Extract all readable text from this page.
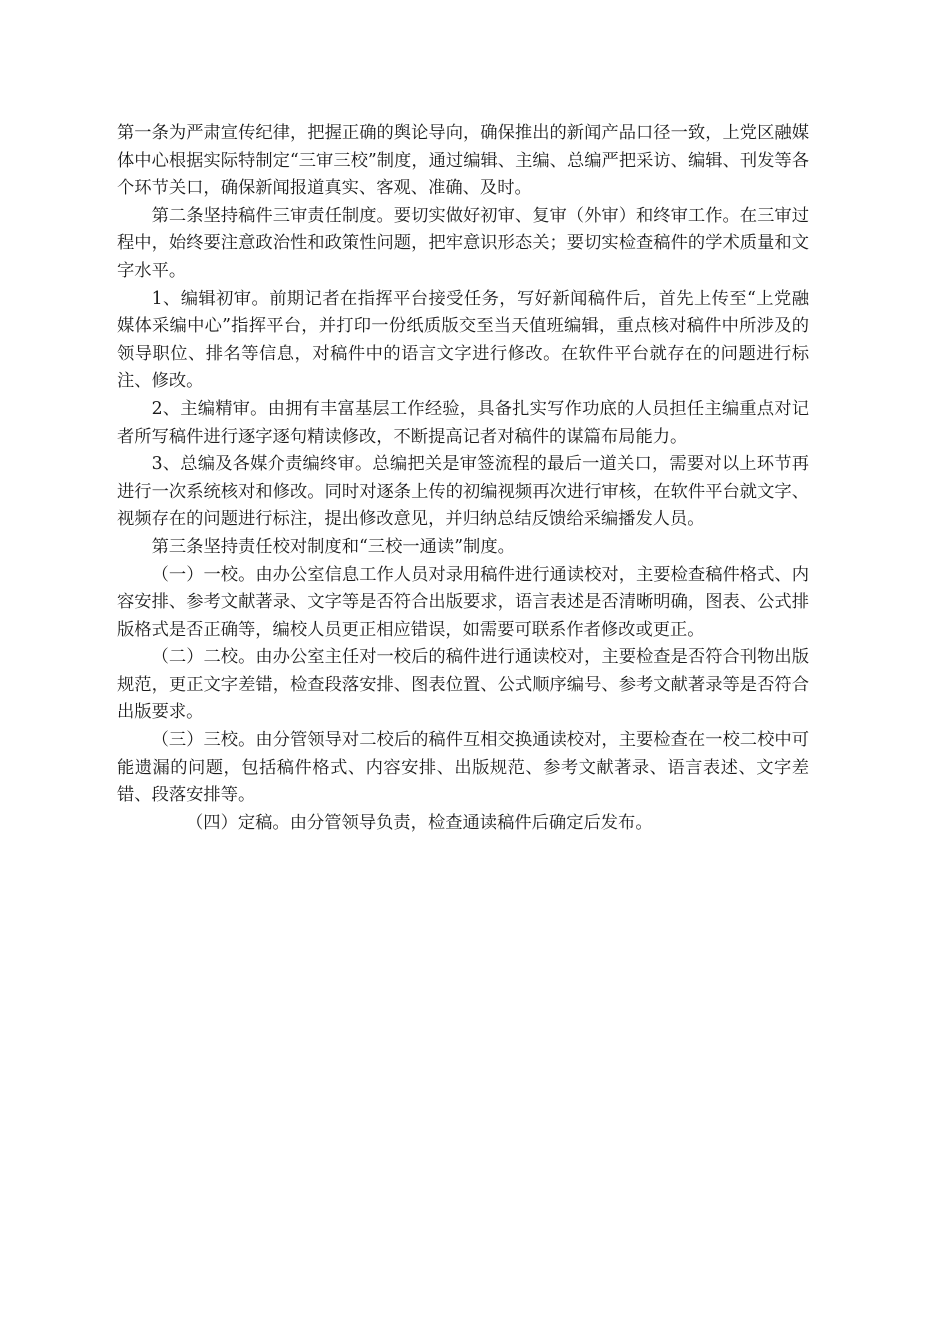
第一条为严肃宣传纪律，把握正确的舆论导向，确保推出的新闻产品口径一致，上党区融媒体中心根据实际特制定“三审三校”制度，通过编辑、主编、总编严把采访、编辑、刊发等各个环节关口，确保新闻报道真实、客观、准确、及时。

第二条坚持稿件三审责任制度。要切实做好初审、复审（外审）和终审工作。在三审过程中，始终要注意政治性和政策性问题，把牢意识形态关；要切实检查稿件的学术质量和文字水平。

1、编辑初审。前期记者在指挥平台接受任务，写好新闻稿件后，首先上传至“上党融媒体采编中心”指挥平台，并打印一份纸质版交至当天值班编辑，重点核对稿件中所涉及的领导职位、排名等信息，对稿件中的语言文字进行修改。在软件平台就存在的问题进行标注、修改。

2、主编精审。由拥有丰富基层工作经验，具备扎实写作功底的人员担任主编重点对记者所写稿件进行逐字逐句精读修改，不断提高记者对稿件的谋篇布局能力。

3、总编及各媒介责编终审。总编把关是审签流程的最后一道关口，需要对以上环节再进行一次系统核对和修改。同时对逐条上传的初编视频再次进行审核，在软件平台就文字、视频存在的问题进行标注，提出修改意见，并归纳总结反馈给采编播发人员。

第三条坚持责任校对制度和“三校一通读”制度。

（一）一校。由办公室信息工作人员对录用稿件进行通读校对，主要检查稿件格式、内容安排、参考文献著录、文字等是否符合出版要求，语言表述是否清晰明确，图表、公式排版格式是否正确等，编校人员更正相应错误，如需要可联系作者修改或更正。

（二）二校。由办公室主任对一校后的稿件进行通读校对，主要检查是否符合刊物出版规范，更正文字差错，检查段落安排、图表位置、公式顺序编号、参考文献著录等是否符合出版要求。

（三）三校。由分管领导对二校后的稿件互相交换通读校对，主要检查在一校二校中可能遗漏的问题，包括稿件格式、内容安排、出版规范、参考文献著录、语言表述、文字差错、段落安排等。

（四）定稿。由分管领导负责，检查通读稿件后确定后发布。
